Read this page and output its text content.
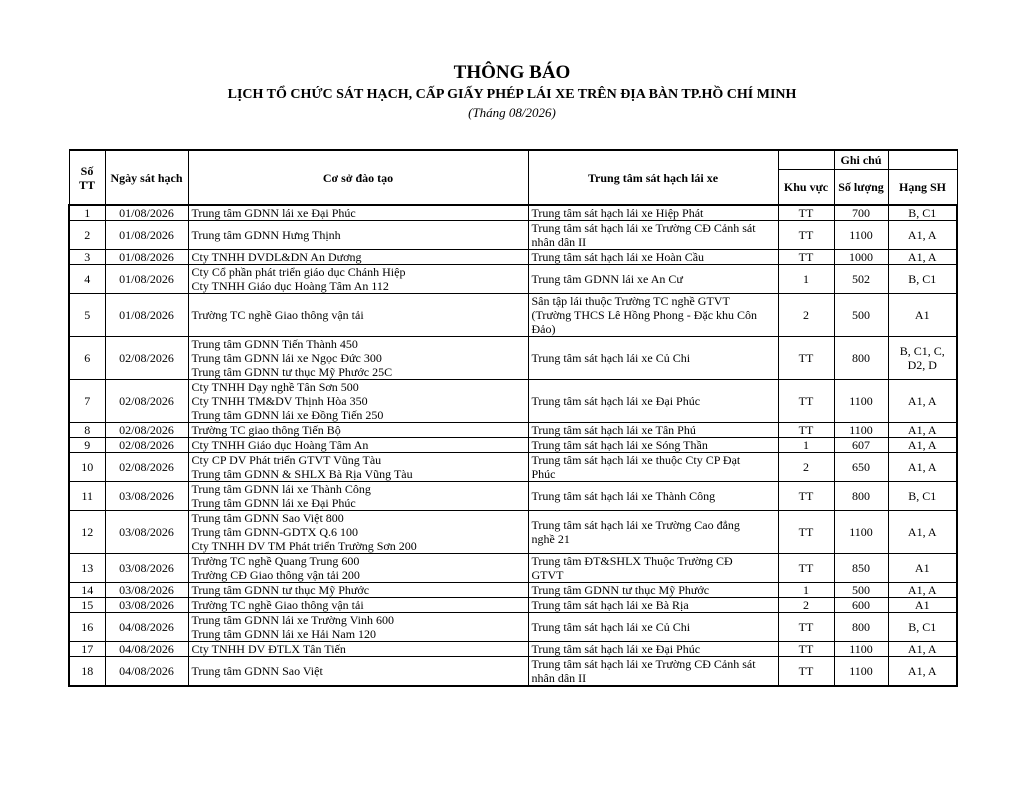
THÔNG BÁO
LỊCH TỔ CHỨC SÁT HẠCH, CẤP GIẤY PHÉP LÁI XE TRÊN ĐỊA BÀN TP.HỒ CHÍ MINH
(Tháng 08/2026)
Số TT	Ngày sát hạch	Cơ sở đào tạo	Trung tâm sát hạch lái xe		Ghi chú	
				Khu vực	Số lượng	Hạng SH
1	01/08/2026	Trung tâm GDNN lái xe Đại Phúc	Trung tâm sát hạch lái xe Hiệp Phát	TT	700	B, C1

2	01/08/2026	Trung tâm GDNN Hưng Thịnh	Trung tâm sát hạch lái xe Trường CĐ Cảnh sát
nhân dân II	TT	1100	A1, A

3	01/08/2026	Cty TNHH DVDL&DN An Dương	Trung tâm sát hạch lái xe Hoàn Cầu	TT	1000	A1, A

4	01/08/2026	Cty Cổ phần phát triển giáo dục Chánh Hiệp
Cty TNHH Giáo dục Hoàng Tâm An 112	Trung tâm GDNN lái xe An Cư	1	502	B, C1

5	01/08/2026	Trường TC nghề Giao thông vận tải	Sân tập lái thuộc Trường TC nghề GTVT
(Trường THCS Lê Hồng Phong - Đặc khu Côn
Đảo)	2	500	A1

6	02/08/2026	Trung tâm GDNN Tiến Thành 450
Trung tâm GDNN lái xe Ngọc Đức 300
Trung tâm GDNN tư thục Mỹ Phước 25C	Trung tâm sát hạch lái xe Củ Chi	TT	800	B, C1, C,
D2, D

7	02/08/2026	Cty TNHH Dạy nghề Tân Sơn 500
Cty TNHH TM&DV Thịnh Hòa 350
Trung tâm GDNN lái xe Đồng Tiến 250	Trung tâm sát hạch lái xe Đại Phúc	TT	1100	A1, A

8	02/08/2026	Trường TC giao thông Tiến Bộ	Trung tâm sát hạch lái xe Tân Phú	TT	1100	A1, A

9	02/08/2026	Cty TNHH Giáo dục Hoàng Tâm An	Trung tâm sát hạch lái xe Sóng Thần	1	607	A1, A

10	02/08/2026	Cty CP DV Phát triển GTVT Vũng Tàu
Trung tâm GDNN & SHLX Bà Rịa Vũng Tàu	Trung tâm sát hạch lái xe thuộc Cty CP Đạt
Phúc	2	650	A1, A

11	03/08/2026	Trung tâm GDNN lái xe Thành Công
Trung tâm GDNN lái xe Đại Phúc	Trung tâm sát hạch lái xe Thành Công	TT	800	B, C1

12	03/08/2026	Trung tâm GDNN Sao Việt 800
Trung tâm GDNN-GDTX Q.6 100
Cty TNHH DV TM Phát triển Trường Sơn 200	Trung tâm sát hạch lái xe Trường Cao đẳng
nghề 21	TT	1100	A1, A

13	03/08/2026	Trường TC nghề Quang Trung 600
Trường CĐ Giao thông vận tải 200	Trung tâm ĐT&SHLX Thuộc Trường CĐ
GTVT	TT	850	A1

14	03/08/2026	Trung tâm GDNN tư thục Mỹ Phước	Trung tâm GDNN tư thục Mỹ Phước	1	500	A1, A

15	03/08/2026	Trường TC nghề Giao thông vận tải	Trung tâm sát hạch lái xe Bà Rịa	2	600	A1

16	04/08/2026	Trung tâm GDNN lái xe Trường Vinh 600
Trung tâm GDNN lái xe Hải Nam 120	Trung tâm sát hạch lái xe Củ Chi	TT	800	B, C1

17	04/08/2026	Cty TNHH DV ĐTLX Tân Tiến	Trung tâm sát hạch lái xe Đại Phúc	TT	1100	A1, A

18	04/08/2026	Trung tâm GDNN Sao Việt	Trung tâm sát hạch lái xe Trường CĐ Cảnh sát
nhân dân II	TT	1100	A1, A
